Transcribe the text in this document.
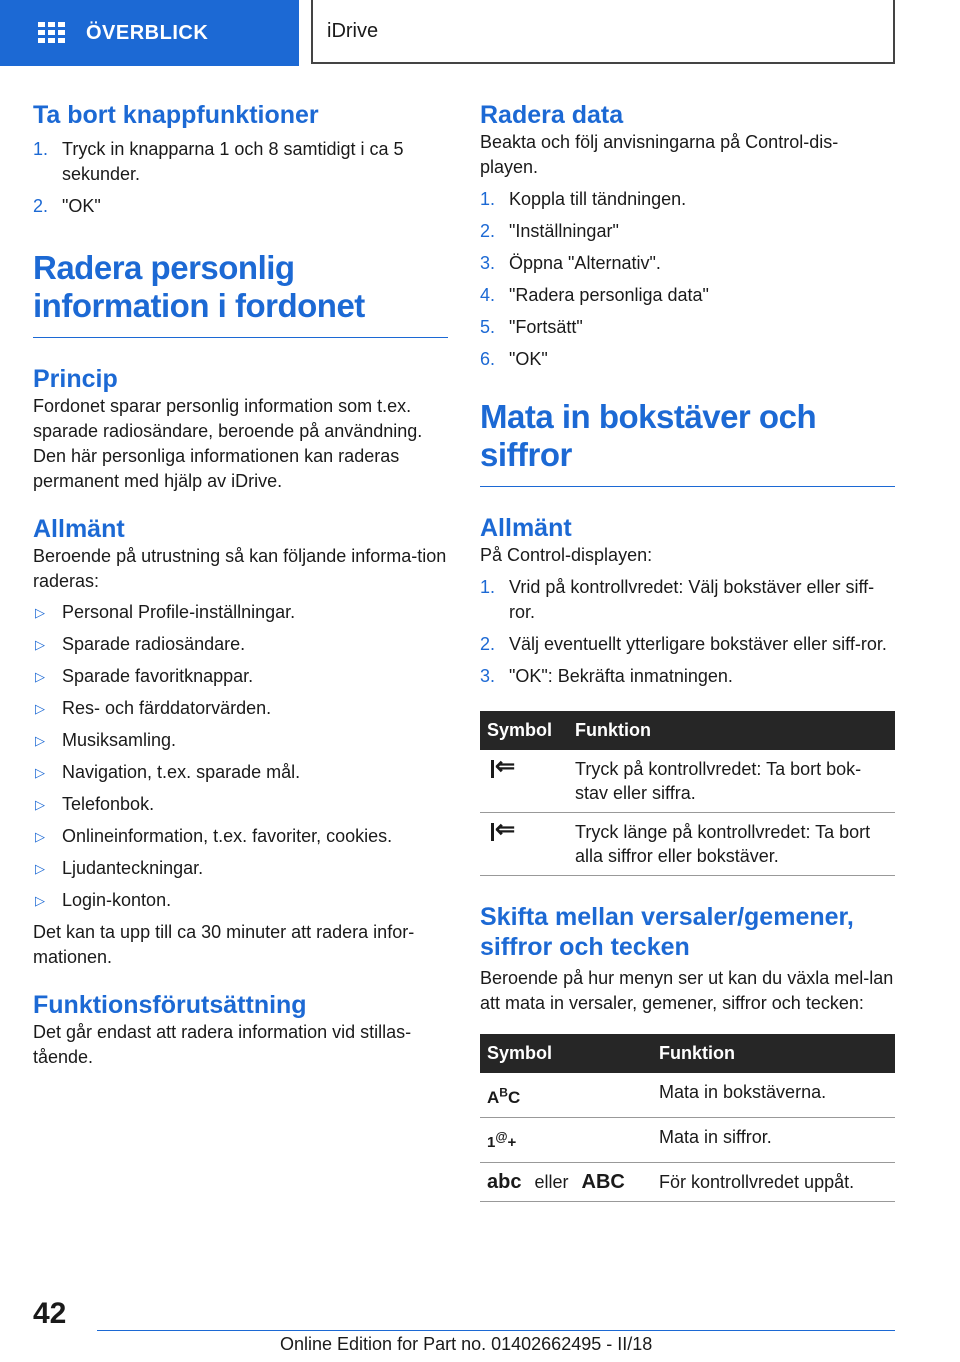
ÖVERBLICK	iDrive
Ta bort knappfunktioner
1. Tryck in knapparna 1 och 8 samtidigt i ca 5 sekunder.
2. "OK"
Radera personlig information i fordonet
Princip

Fordonet sparar personlig information som t.ex. sparade radiosändare, beroende på användning. Den här personliga informationen kan raderas permanent med hjälp av iDrive.

Allmänt

Beroende på utrustning så kan följande informa-tion raderas:

▷ Personal Profile-inställningar.
▷ Sparade radiosändare.
▷ Sparade favoritknappar.
▷ Res- och färddatorvärden.
▷ Musiksamling.
▷ Navigation, t.ex. sparade mål.
▷ Telefonbok.
▷ Onlineinformation, t.ex. favoriter, cookies.
▷ Ljudanteckningar.
▷ Login-konton.

Det kan ta upp till ca 30 minuter att radera infor-mationen.

Funktionsförutsättning

Det går endast att radera information vid stillas-tående.

Radera data

Beakta och följ anvisningarna på Control-dis-playen.

1. Koppla till tändningen.
2. "Inställningar"
3. Öppna "Alternativ".
4. "Radera personliga data"
5. "Fortsätt"
6. "OK"
Mata in bokstäver och siffror
Allmänt

På Control-displayen:

1. Vrid på kontrollvredet: Välj bokstäver eller siff-ror.
2. Välj eventuellt ytterligare bokstäver eller siff-ror.
3. "OK": Bekräfta inmatningen.
Symbol	Funktion

⇐	Tryck på kontrollvredet: Ta bort bok-stav eller siffra.

⇐	Tryck länge på kontrollvredet: Ta bort alla siffror eller bokstäver.
Skifta mellan versaler/gemener, siffror och tecken

Beroende på hur menyn ser ut kan du växla mel-lan att mata in versaler, gemener, siffror och tecken:

Symbol	Funktion
$A^BC$	Mata in bokstäverna.
1@+	Mata in siffror.
abc eller ABC	För kontrollvredet uppåt.
42
Online Edition for Part no. 01402662495 - II/18
